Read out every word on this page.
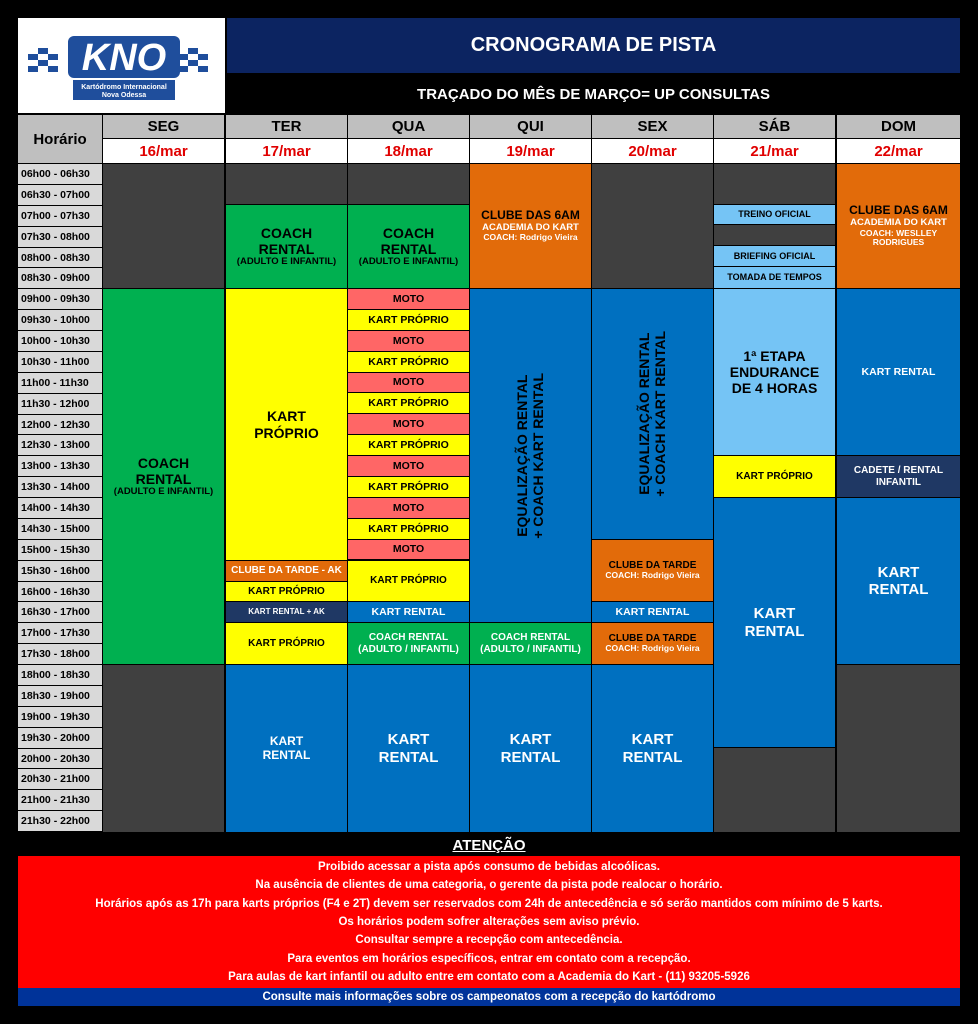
KNO
Kartódromo Internacional
Nova Odessa
CRONOGRAMA DE PISTA
TRAÇADO DO MÊS DE MARÇO= UP CONSULTAS
Horário
SEG
16/mar
TER
17/mar
QUA
18/mar
QUI
19/mar
SEX
20/mar
SÁB
21/mar
DOM
22/mar
06h00 - 06h30
06h30 - 07h00
07h00 - 07h30
07h30 - 08h00
08h00 - 08h30
08h30 - 09h00
09h00 - 09h30
09h30 - 10h00
10h00 - 10h30
10h30 - 11h00
11h00 - 11h30
11h30 - 12h00
12h00 - 12h30
12h30 - 13h00
13h00 - 13h30
13h30 - 14h00
14h00 - 14h30
14h30 - 15h00
15h00 - 15h30
15h30 - 16h00
16h00 - 16h30
16h30 - 17h00
17h00 - 17h30
17h30 - 18h00
18h00 - 18h30
18h30 - 19h00
19h00 - 19h30
19h30 - 20h00
20h00 - 20h30
20h30 - 21h00
21h00 - 21h30
21h30 - 22h00
COACH
RENTAL
(ADULTO E INFANTIL)
COACH
RENTAL
(ADULTO E INFANTIL)
KART
PRÓPRIO
CLUBE DA TARDE - AK
KART PRÓPRIO
KART RENTAL + AK
KART PRÓPRIO
KART
RENTAL
COACH
RENTAL
(ADULTO E INFANTIL)
MOTO
KART PRÓPRIO
MOTO
KART PRÓPRIO
MOTO
KART PRÓPRIO
MOTO
KART PRÓPRIO
MOTO
KART PRÓPRIO
MOTO
KART PRÓPRIO
MOTO
KART PRÓPRIO
KART RENTAL
COACH RENTAL
(ADULTO / INFANTIL)
KART
RENTAL
CLUBE DAS 6AM
ACADEMIA DO KART
COACH: Rodrigo Vieira
EQUALIZAÇÃO RENTAL
+ COACH KART RENTAL
COACH RENTAL
(ADULTO / INFANTIL)
KART
RENTAL
EQUALIZAÇÃO RENTAL
+ COACH KART RENTAL
CLUBE DA TARDE
COACH: Rodrigo Vieira
KART RENTAL
CLUBE DA TARDE
COACH: Rodrigo Vieira
KART
RENTAL
TREINO OFICIAL
BRIEFING OFICIAL
TOMADA DE TEMPOS
1ª ETAPA
ENDURANCE
DE 4 HORAS
KART PRÓPRIO
KART
RENTAL
CLUBE DAS 6AM
ACADEMIA DO KART
COACH: WESLLEY
RODRIGUES
KART RENTAL
CADETE / RENTAL
INFANTIL
KART
RENTAL
ATENÇÃO
Proibido acessar a pista após consumo de bebidas alcoólicas.
Na ausência de clientes de uma categoria, o gerente da pista pode realocar o horário.
Horários após as 17h para karts próprios (F4 e 2T) devem ser reservados com 24h de antecedência e só serão mantidos com mínimo de 5 karts.
Os horários podem sofrer alterações sem aviso prévio.
Consultar sempre a recepção com antecedência.
Para eventos em horários específicos, entrar em contato com a recepção.
Para aulas de kart infantil ou adulto entre em contato com a Academia do Kart - (11) 93205-5926
Consulte mais informações sobre os campeonatos com a recepção do kartódromo
